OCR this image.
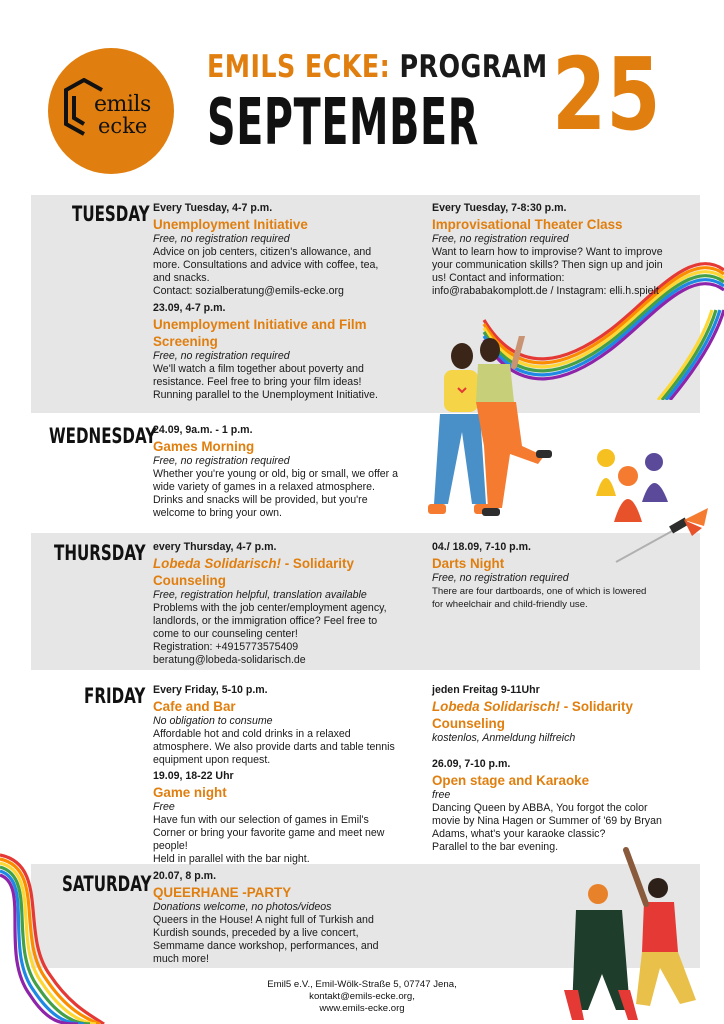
emils
ecke
EMILS ECKE: PROGRAM
SEPTEMBER 25
TUESDAY
WEDNESDAY
THURSDAY
FRIDAY
SATURDAY
Every Tuesday, 4-7 p.m.
Unemployment Initiative
Free, no registration required
Advice on job centers, citizen's allowance, and
more. Consultations and advice with coffee, tea,
and snacks.
Contact: sozialberatung@emils-ecke.org
23.09, 4-7 p.m.
Unemployment Initiative and Film
Screening
Free, no registration required
We'll watch a film together about poverty and
resistance. Feel free to bring your film ideas!
Running parallel to the Unemployment Initiative.
Every Tuesday, 7-8:30 p.m.
Improvisational Theater Class
Free, no registration required
Want to learn how to improvise? Want to improve
your communication skills? Then sign up and join
us! Contact and information:
info@rababakomplott.de / Instagram: elli.h.spielt
24.09, 9a.m. - 1 p.m.
Games Morning
Free, no registration required
Whether you're young or old, big or small, we offer a
wide variety of games in a relaxed atmosphere.
Drinks and snacks will be provided, but you're
welcome to bring your own.
every Thursday, 4-7 p.m.
Lobeda Solidarisch! - Solidarity
Counseling
Free, registration helpful, translation available
Problems with the job center/employment agency,
landlords, or the immigration office? Feel free to
come to our counseling center!
Registration: +4915773575409
beratung@lobeda-solidarisch.de
04./ 18.09, 7-10 p.m.
Darts Night
Free, no registration required
There are four dartboards, one of which is lowered
for wheelchair and child-friendly use.
Every Friday, 5-10 p.m.
Cafe and Bar
No obligation to consume
Affordable hot and cold drinks in a relaxed
atmosphere. We also provide darts and table tennis
equipment upon request.
19.09, 18-22 Uhr
Game night
Free
Have fun with our selection of games in Emil's
Corner or bring your favorite game and meet new
people!
Held in parallel with the bar night.
jeden Freitag 9-11Uhr
Lobeda Solidarisch! - Solidarity
Counseling
kostenlos, Anmeldung hilfreich
26.09, 7-10 p.m.
Open stage and Karaoke
free
Dancing Queen by ABBA, You forgot the color
movie by Nina Hagen or Summer of '69 by Bryan
Adams, what's your karaoke classic?
Parallel to the bar evening.
20.07, 8 p.m.
QUEERHANE -PARTY
Donations welcome, no photos/videos
Queers in the House! A night full of Turkish and
Kurdish sounds, preceded by a live concert,
Semmame dance workshop, performances, and
much more!
Emil5 e.V., Emil-Wölk-Straße 5, 07747 Jena,
kontakt@emils-ecke.org,
www.emils-ecke.org
